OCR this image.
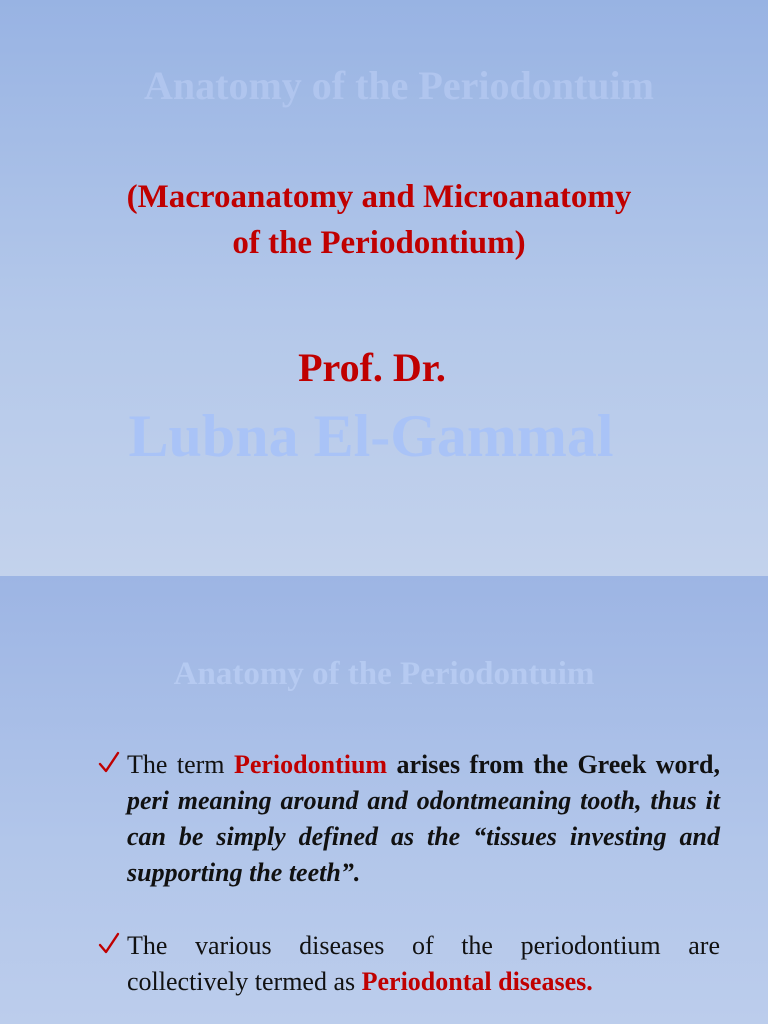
Anatomy of the Periodontuim
(Macroanatomy and Microanatomy
of the Periodontium)
Prof. Dr.
Lubna El-Gammal
Anatomy of the Periodontuim
The term Periodontium arises from the Greek word, peri meaning around and odontmeaning tooth, thus it can be simply defined as the “tissues investing and supporting the teeth”.
The various diseases of the periodontium are collectively termed as Periodontal diseases.
